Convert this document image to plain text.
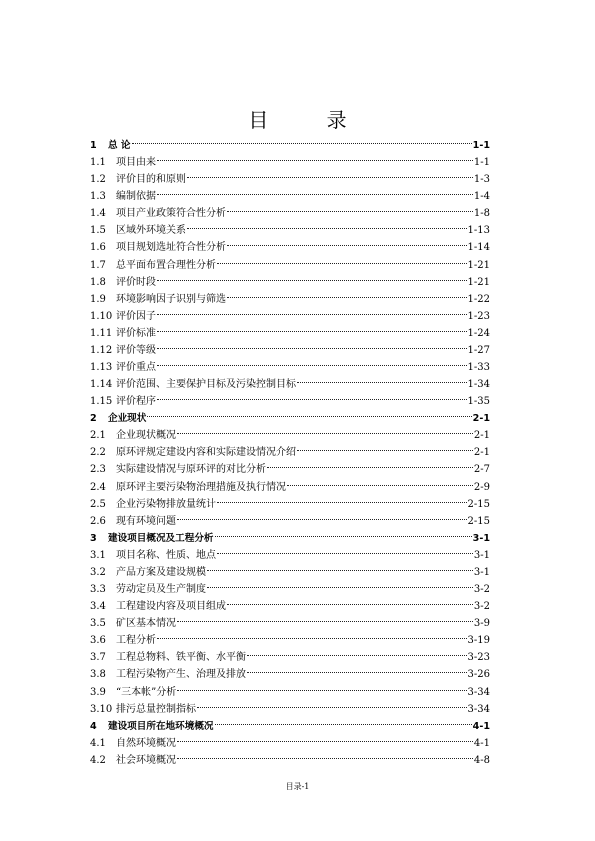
目 录
1	总 论	1-1
1.1	项目由来	1-1
1.2	评价目的和原则	1-3
1.3	编制依据	1-4
1.4	项目产业政策符合性分析	1-8
1.5	区域外环境关系	1-13
1.6	项目规划选址符合性分析	1-14
1.7	总平面布置合理性分析	1-21
1.8	评价时段	1-21
1.9	环境影响因子识别与筛选	1-22
1.10 评价因子	1-23
1.11 评价标准	1-24
1.12 评价等级	1-27
1.13 评价重点	1-33
1.14 评价范围、主要保护目标及污染控制目标	1-34
1.15 评价程序	1-35
2	企业现状	2-1
2.1	企业现状概况	2-1
2.2	原环评规定建设内容和实际建设情况介绍	2-1
2.3	实际建设情况与原环评的对比分析	2-7
2.4	原环评主要污染物治理措施及执行情况	2-9
2.5	企业污染物排放量统计	2-15
2.6	现有环境问题	2-15
3	建设项目概况及工程分析	3-1
3.1	项目名称、性质、地点	3-1
3.2	产品方案及建设规模	3-1
3.3	劳动定员及生产制度	3-2
3.4	工程建设内容及项目组成	3-2
3.5	矿区基本情况	3-9
3.6	工程分析	3-19
3.7	工程总物料、铁平衡、水平衡	3-23
3.8	工程污染物产生、治理及排放	3-26
3.9	“三本帐”分析	3-34
3.10 排污总量控制指标	3-34
4	建设项目所在地环境概况	4-1
4.1	自然环境概况	4-1
4.2	社会环境概况	4-8
目录-1
